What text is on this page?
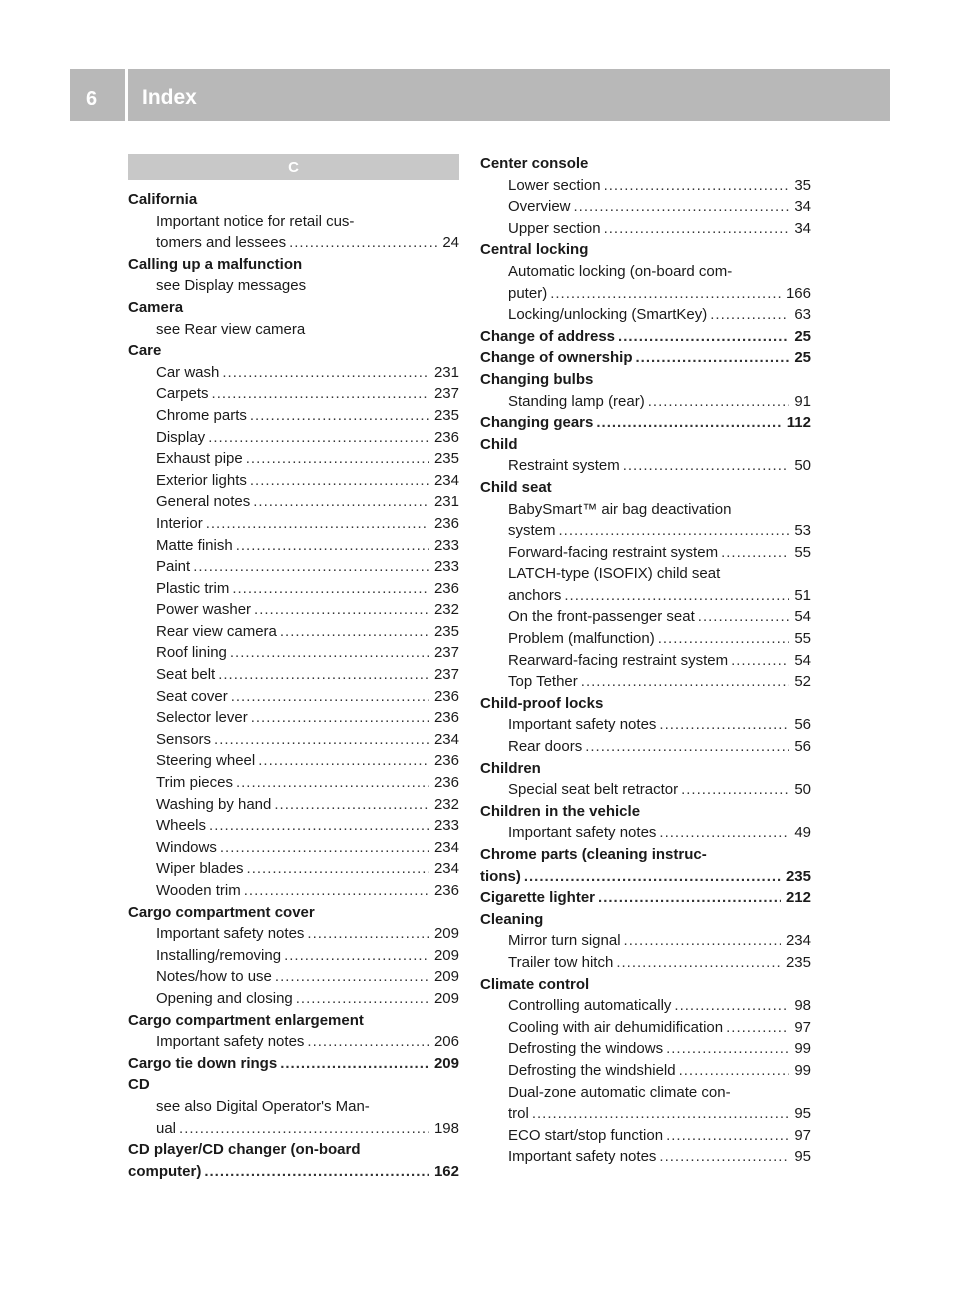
6 Index
C
California
Important notice for retail cus-
tomers and lessees .....	24
Calling up a malfunction
see Display messages
Camera
see Rear view camera
Care
Car wash .....	231
Carpets .....	237
Chrome parts .....	235
Display .....	236
Exhaust pipe .....	235
Exterior lights .....	234
General notes .....	231
Interior .....	236
Matte finish .....	233
Paint .....	233
Plastic trim .....	236
Power washer .....	232
Rear view camera .....	235
Roof lining .....	237
Seat belt .....	237
Seat cover .....	236
Selector lever .....	236
Sensors .....	234
Steering wheel .....	236
Trim pieces .....	236
Washing by hand .....	232
Wheels .....	233
Windows .....	234
Wiper blades .....	234
Wooden trim .....	236
Cargo compartment cover
Important safety notes .....	209
Installing/removing .....	209
Notes/how to use .....	209
Opening and closing .....	209
Cargo compartment enlargement
Important safety notes .....	206
Cargo tie down rings .....	209
CD
see also Digital Operator's Man-
ual .....	198
CD player/CD changer (on-board
computer) .....	162
Center console
Lower section .....	35
Overview .....	34
Upper section .....	34
Central locking
Automatic locking (on-board com-
puter) .....	166
Locking/unlocking (SmartKey) .....	63
Change of address .....	25
Change of ownership .....	25
Changing bulbs
Standing lamp (rear) .....	91
Changing gears .....	112
Child
Restraint system .....	50
Child seat
BabySmart™ air bag deactivation
system .....	53
Forward-facing restraint system .....	55
LATCH-type (ISOFIX) child seat
anchors .....	51
On the front-passenger seat .....	54
Problem (malfunction) .....	55
Rearward-facing restraint system .....	54
Top Tether .....	52
Child-proof locks
Important safety notes .....	56
Rear doors .....	56
Children
Special seat belt retractor .....	50
Children in the vehicle
Important safety notes .....	49
Chrome parts (cleaning instruc-
tions) .....	235
Cigarette lighter .....	212
Cleaning
Mirror turn signal .....	234
Trailer tow hitch .....	235
Climate control
Controlling automatically .....	98
Cooling with air dehumidification .....	97
Defrosting the windows .....	99
Defrosting the windshield .....	99
Dual-zone automatic climate con-
trol .....	95
ECO start/stop function .....	97
Important safety notes .....	95
